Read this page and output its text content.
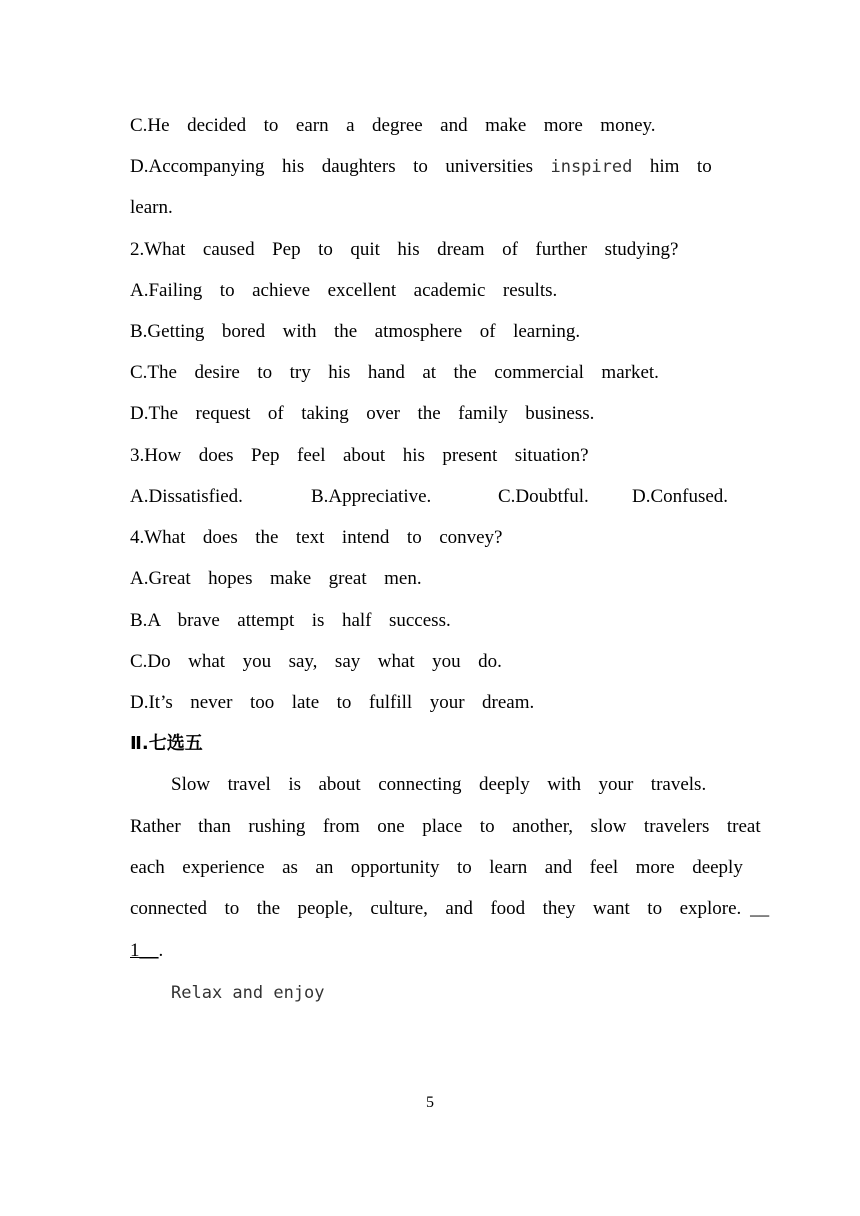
C.He  decided  to  earn  a  degree  and  make  more  money.
D.Accompanying  his  daughters  to  universities  inspired  him  to
learn.
2.What  caused  Pep  to  quit  his  dream  of  further  studying?
A.Failing  to  achieve  excellent  academic  results.
B.Getting  bored  with  the  atmosphere  of  learning.
C.The  desire  to  try  his  hand  at  the  commercial  market.
D.The  request  of  taking  over  the  family  business.
3.How  does  Pep  feel  about  his  present  situation?

A.Dissatisfied.

	B.Appreciative.

	C.Doubtful.

D.Confused.

4.What  does  the  text  intend  to  convey?
A.Great  hopes  make  great  men.
B.A  brave  attempt  is  half  success.
C.Do  what  you  say,  say  what  you  do.
D.It’s  never  too  late  to  fulfill  your  dream.
Ⅱ.七选五
Slow  travel  is  about  connecting  deeply  with  your  travels.
Rather  than  rushing  from  one  place  to  another,  slow  travelers  treat
each  experience  as  an  opportunity  to  learn  and  feel  more  deeply
connected  to  the  people,  culture,  and  food  they  want  to  explore. __
1__.
Relax and enjoy
5
